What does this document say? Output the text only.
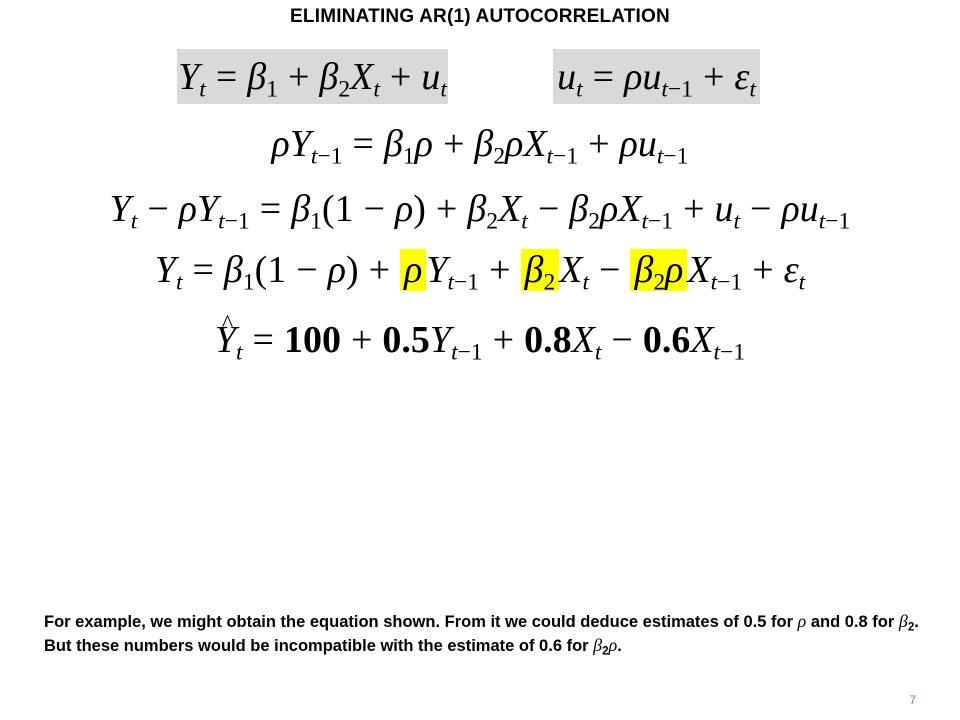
ELIMINATING AR(1) AUTOCORRELATION
$Y_t = \beta_1 + \beta_2X_t + u_t$	$u_t = \rho u_{t-1} + \varepsilon_t$
$\rho Y_{t-1} = \beta_1\rho + \beta_2\rho X_{t-1} + \rho u_{t-1}$
$Y_t - \rho Y_{t-1} = \beta_1(1 - \rho) + \beta_2X_t - \beta_2\rho X_{t-1} + u_t - \rho u_{t-1}$
$Y_t = \beta_1(1 - \rho) + \rho$ $Y_{t-1} + \beta_2$ $X_t - \beta_2\rho$ $X_{t-1} + \varepsilon_t$
^ $Y_t = 100 + 0.5Y_{t-1} + 0.8X_t - 0.6X_{t-1}$
For example, we might obtain the equation shown. From it we could deduce estimates of 0.5 for ρ and 0.8 for $\beta_2$. But these numbers would be incompatible with the estimate of 0.6 for $\beta_2\rho$.
7
